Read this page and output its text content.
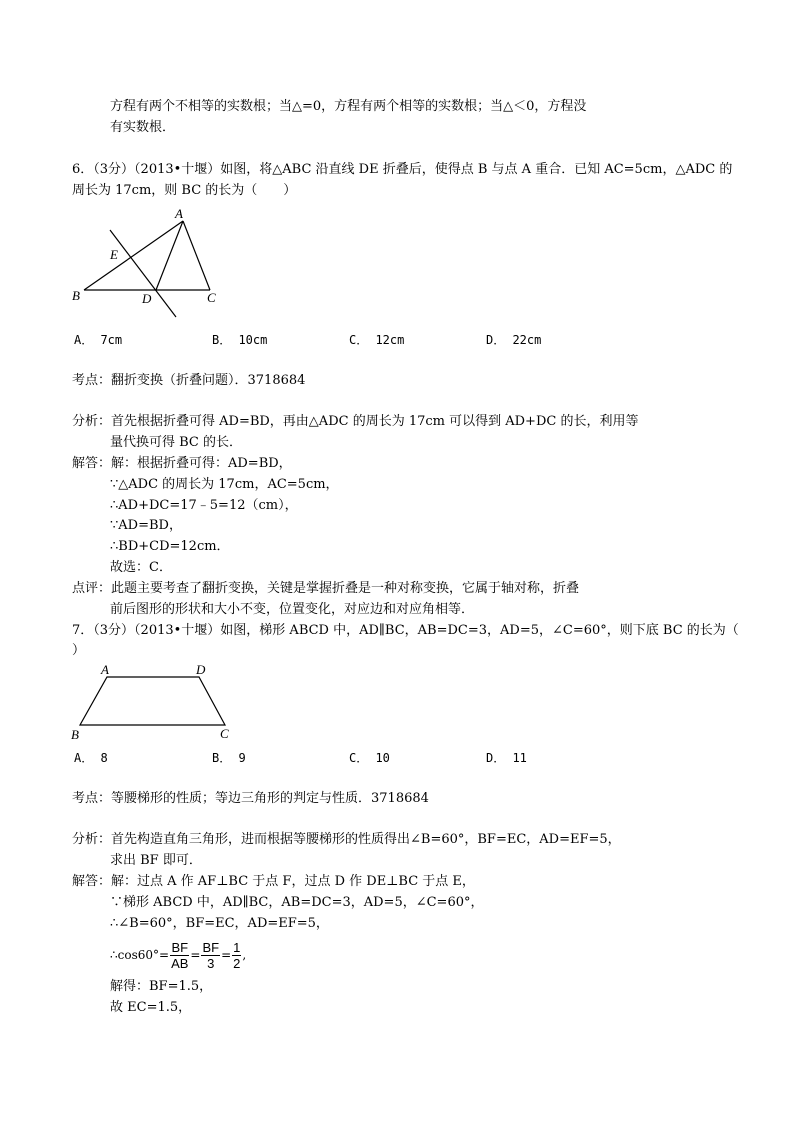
方程有两个不相等的实数根；当△=0，方程有两个相等的实数根；当△＜0，方程没
有实数根．
6．（3分）（2013•十堰）如图，将△ABC 沿直线 DE 折叠后，使得点 B 与点 A 重合．已知 AC=5cm，△ADC 的
周长为 17cm，则 BC 的长为（　　）
A
E
B	D	C
A． 7cm	B． 10cm	C． 12cm	D． 22cm
考点：翻折变换（折叠问题）．3718684
分析：首先根据折叠可得 AD=BD，再由△ADC 的周长为 17cm 可以得到 AD+DC 的长，利用等
量代换可得 BC 的长．
解答：解：根据折叠可得：AD=BD，
∵△ADC 的周长为 17cm，AC=5cm，
∴AD+DC=17﹣5=12（cm），
∵AD=BD，
∴BD+CD=12cm．
故选：C．
点评：此题主要考查了翻折变换，关键是掌握折叠是一种对称变换，它属于轴对称，折叠
前后图形的形状和大小不变，位置变化，对应边和对应角相等．
7．（3分）（2013•十堰）如图，梯形 ABCD 中，AD∥BC，AB=DC=3，AD=5，∠C=60°，则下底 BC 的长为（
）
A	D
B	C
A． 8	B． 9	C． 10	D． 11
考点：等腰梯形的性质；等边三角形的判定与性质．3718684
分析：首先构造直角三角形，进而根据等腰梯形的性质得出∠B=60°，BF=EC，AD=EF=5，
求出 BF 即可．
解答：解：过点 A 作 AF⊥BC 于点 F，过点 D 作 DE⊥BC 于点 E，
∵梯形 ABCD 中，AD∥BC，AB=DC=3，AD=5，∠C=60°，
∴∠B=60°，BF=EC，AD=EF=5，
∴cos60°= $\frac{BF}{AB} = \frac{BF}{3} = \frac{1}{2}$ ,
解得：BF=1.5，
故 EC=1.5，
